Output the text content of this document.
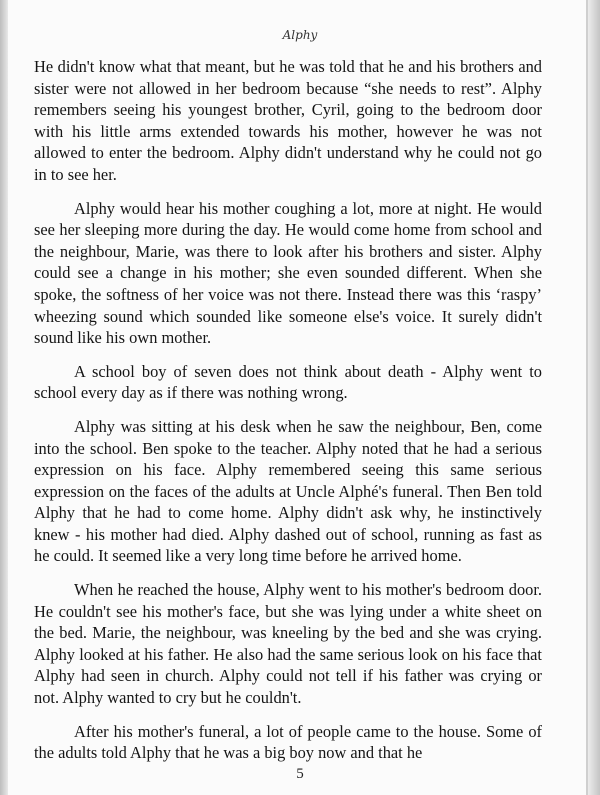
Alphy

He didn't know what that meant, but he was told that he and his brothers and sister were not allowed in her bedroom because “she needs to rest”. Alphy remembers seeing his youngest brother, Cyril, going to the bedroom door with his little arms extended towards his mother, however he was not allowed to enter the bedroom. Alphy didn't understand why he could not go in to see her.

Alphy would hear his mother coughing a lot, more at night. He would see her sleeping more during the day. He would come home from school and the neighbour, Marie, was there to look after his brothers and sister. Alphy could see a change in his mother; she even sounded different. When she spoke, the softness of her voice was not there. Instead there was this ‘raspy’ wheezing sound which sounded like someone else's voice. It surely didn't sound like his own mother.

A school boy of seven does not think about death - Alphy went to school every day as if there was nothing wrong.

Alphy was sitting at his desk when he saw the neighbour, Ben, come into the school. Ben spoke to the teacher. Alphy noted that he had a serious expression on his face. Alphy remembered seeing this same serious expression on the faces of the adults at Uncle Alphé's funeral. Then Ben told Alphy that he had to come home. Alphy didn't ask why, he instinctively knew - his mother had died. Alphy dashed out of school, running as fast as he could. It seemed like a very long time before he arrived home.

When he reached the house, Alphy went to his mother's bedroom door. He couldn't see his mother's face, but she was lying under a white sheet on the bed. Marie, the neighbour, was kneeling by the bed and she was crying. Alphy looked at his father. He also had the same serious look on his face that Alphy had seen in church. Alphy could not tell if his father was crying or not. Alphy wanted to cry but he couldn't.

After his mother's funeral, a lot of people came to the house. Some of the adults told Alphy that he was a big boy now and that he

5
